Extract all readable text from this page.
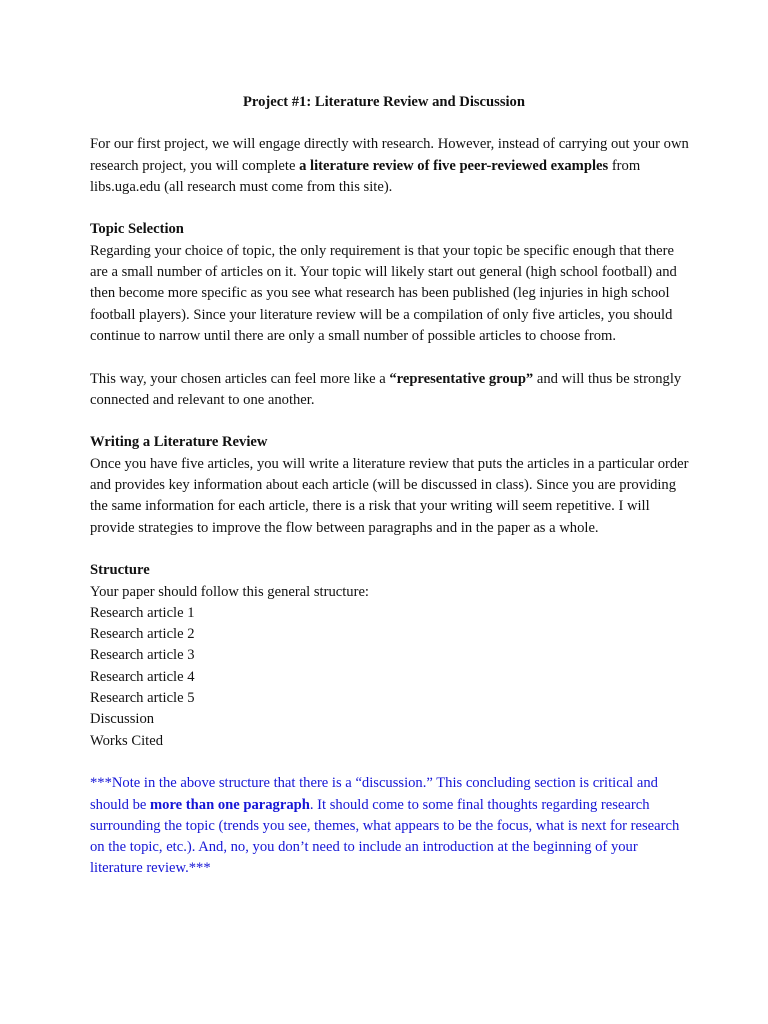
Project #1: Literature Review and Discussion

For our first project, we will engage directly with research. However, instead of carrying out your own research project, you will complete a literature review of five peer-reviewed examples from libs.uga.edu (all research must come from this site).

Topic Selection
Regarding your choice of topic, the only requirement is that your topic be specific enough that there are a small number of articles on it. Your topic will likely start out general (high school football) and then become more specific as you see what research has been published (leg injuries in high school football players). Since your literature review will be a compilation of only five articles, you should continue to narrow until there are only a small number of possible articles to choose from.

This way, your chosen articles can feel more like a “representative group” and will thus be strongly connected and relevant to one another.

Writing a Literature Review
Once you have five articles, you will write a literature review that puts the articles in a particular order and provides key information about each article (will be discussed in class). Since you are providing the same information for each article, there is a risk that your writing will seem repetitive. I will provide strategies to improve the flow between paragraphs and in the paper as a whole.

Structure
Your paper should follow this general structure:
Research article 1
Research article 2
Research article 3
Research article 4
Research article 5
Discussion
Works Cited

***Note in the above structure that there is a “discussion.” This concluding section is critical and should be more than one paragraph. It should come to some final thoughts regarding research surrounding the topic (trends you see, themes, what appears to be the focus, what is next for research on the topic, etc.). And, no, you don’t need to include an introduction at the beginning of your literature review.***
